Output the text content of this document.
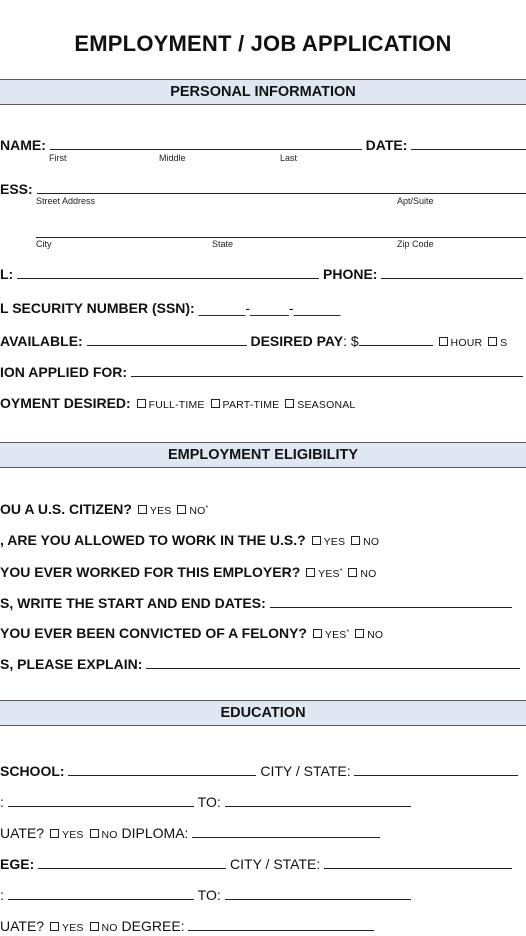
EMPLOYMENT / JOB APPLICATION
PERSONAL INFORMATION
NAME:	DATE:
First	Middle	Last
ESS:
Street Address	Apt/Suite
City	State	Zip Code
L:	PHONE:
L SECURITY NUMBER (SSN): ______-_____-______
AVAILABLE:	DESIRED PAY: $	HOUR S
ION APPLIED FOR:
OYMENT DESIRED: FULL-TIME PART-TIME SEASONAL
EMPLOYMENT ELIGIBILITY
OU A U.S. CITIZEN? YES NO*
, ARE YOU ALLOWED TO WORK IN THE U.S.? YES NO
YOU EVER WORKED FOR THIS EMPLOYER? YES* NO
S, WRITE THE START AND END DATES:
YOU EVER BEEN CONVICTED OF A FELONY? YES* NO
S, PLEASE EXPLAIN:
EDUCATION
SCHOOL:	CITY / STATE:
:	TO:
UATE? YES NO DIPLOMA:
EGE:	CITY / STATE:
:	TO:
UATE? YES NO DEGREE:
